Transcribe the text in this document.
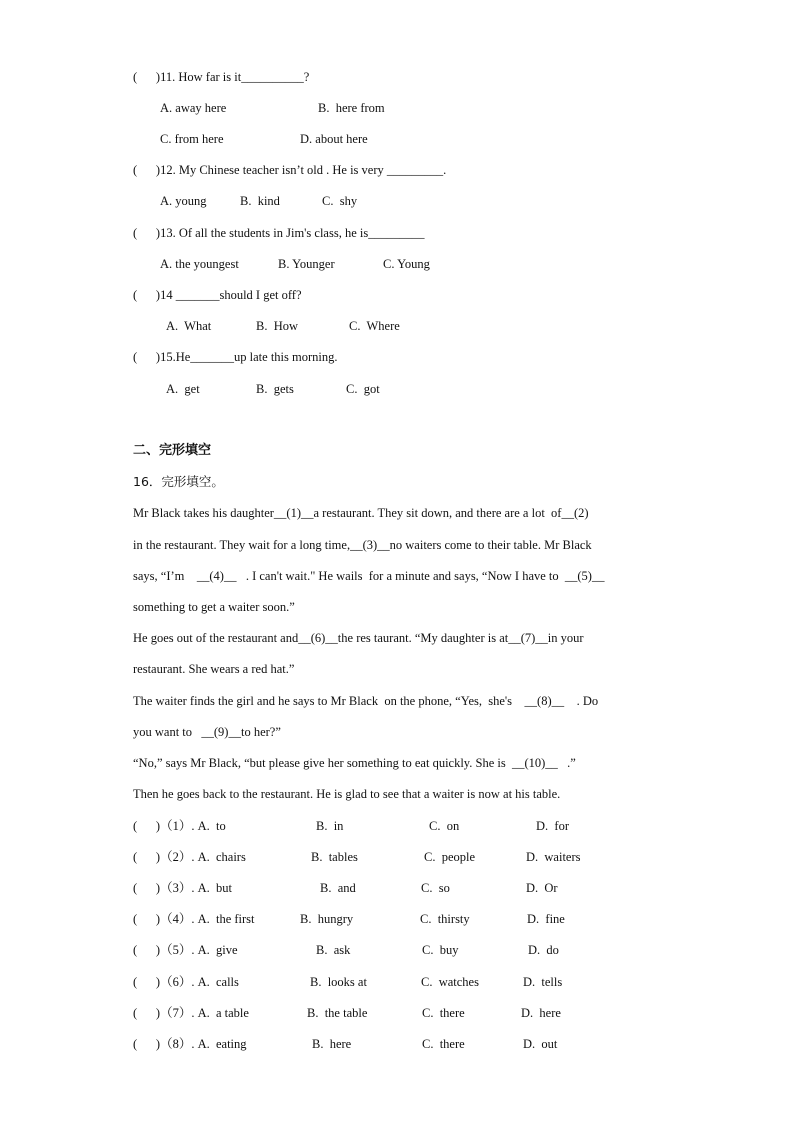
(      )11. How far is it__________?
A. away here	B.  here from
C. from here	D. about here
(      )12. My Chinese teacher isn’t old . He is very _________.
A. young	B.  kind	C.  shy
(      )13. Of all the students in Jim's class, he is_________
A. the youngest	B. Younger	C. Young
(      )14 _______should I get off?
A.  What	B.  How	C.  Where
(      )15.He_______up late this morning.
A.  get	B.  gets	C.  got
二、完形填空
16．完形填空。
Mr Black takes his daughter__(1)__a restaurant. They sit down, and there are a lot  of__(2)
in the restaurant. They wait for a long time,__(3)__no waiters come to their table. Mr Black
says, “I’m    __(4)__   . I can't wait." He wails  for a minute and says, “Now I have to  __(5)__
something to get a waiter soon.”
He goes out of the restaurant and__(6)__the res taurant. “My daughter is at__(7)__in your
restaurant. She wears a red hat.”
The waiter finds the girl and he says to Mr Black  on the phone, “Yes,  she's    __(8)__    . Do
you want to   __(9)__to her?”
“No,” says Mr Black, “but please give her something to eat quickly. She is  __(10)__   .”
Then he goes back to the restaurant. He is glad to see that a waiter is now at his table.
(      )（1）. A.  to	B.  in	C.  on	D.  for
(      )（2）. A.  chairs	B.  tables	C.  people	D.  waiters
(      )（3）. A.  but	B.  and	C.  so	D.  Or
(      )（4）. A.  the first	B.  hungry	C.  thirsty	D.  fine
(      )（5）. A.  give	B.  ask	C.  buy	D.  do
(      )（6）. A.  calls	B.  looks at	C.  watches	D.  tells
(      )（7）. A.  a table	B.  the table	C.  there	D.  here
(      )（8）. A.  eating	B.  here	C.  there	D.  out
